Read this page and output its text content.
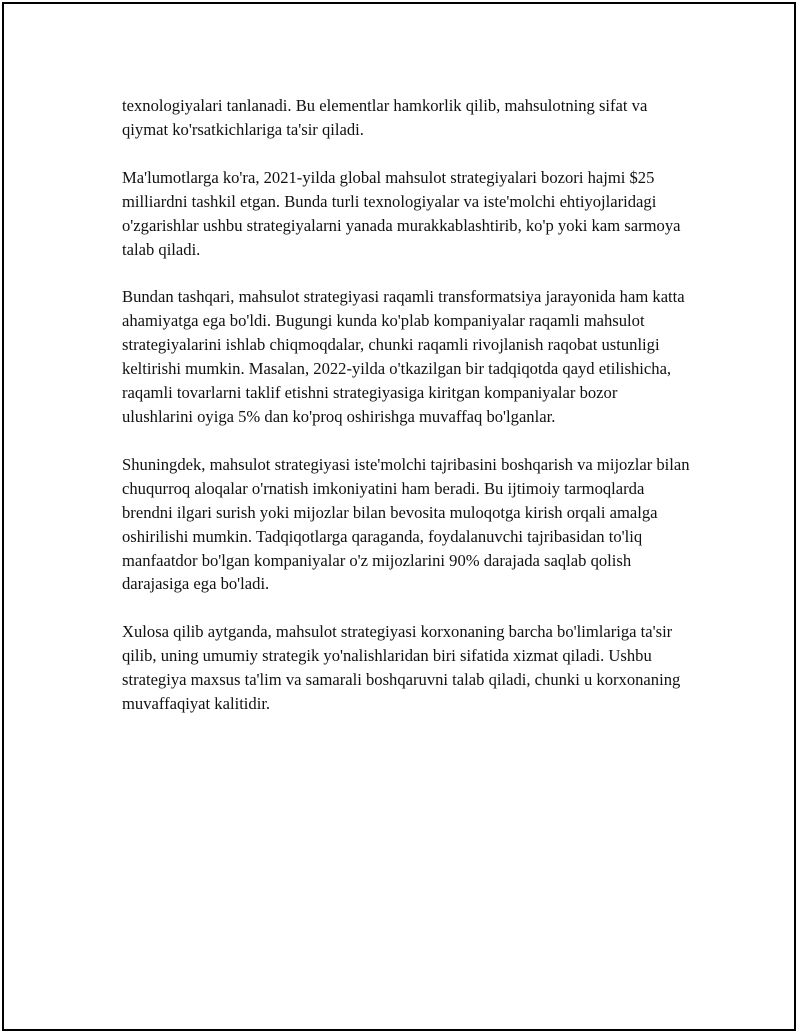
texnologiyalari tanlanadi. Bu elementlar hamkorlik qilib, mahsulotning sifat va qiymat ko'rsatkichlariga ta'sir qiladi.

Ma'lumotlarga ko'ra, 2021-yilda global mahsulot strategiyalari bozori hajmi $25 milliardni tashkil etgan. Bunda turli texnologiyalar va iste'molchi ehtiyojlaridagi o'zgarishlar ushbu strategiyalarni yanada murakkablashtirib, ko'p yoki kam sarmoya talab qiladi.

Bundan tashqari, mahsulot strategiyasi raqamli transformatsiya jarayonida ham katta ahamiyatga ega bo'ldi. Bugungi kunda ko'plab kompaniyalar raqamli mahsulot strategiyalarini ishlab chiqmoqdalar, chunki raqamli rivojlanish raqobat ustunligi keltirishi mumkin. Masalan, 2022-yilda o'tkazilgan bir tadqiqotda qayd etilishicha, raqamli tovarlarni taklif etishni strategiyasiga kiritgan kompaniyalar bozor ulushlarini oyiga 5% dan ko'proq oshirishga muvaffaq bo'lganlar.

Shuningdek, mahsulot strategiyasi iste'molchi tajribasini boshqarish va mijozlar bilan chuqurroq aloqalar o'rnatish imkoniyatini ham beradi. Bu ijtimoiy tarmoqlarda brendni ilgari surish yoki mijozlar bilan bevosita muloqotga kirish orqali amalga oshirilishi mumkin. Tadqiqotlarga qaraganda, foydalanuvchi tajribasidan to'liq manfaatdor bo'lgan kompaniyalar o'z mijozlarini 90% darajada saqlab qolish darajasiga ega bo'ladi.

Xulosa qilib aytganda, mahsulot strategiyasi korxonaning barcha bo'limlariga ta'sir qilib, uning umumiy strategik yo'nalishlaridan biri sifatida xizmat qiladi. Ushbu strategiya maxsus ta'lim va samarali boshqaruvni talab qiladi, chunki u korxonaning muvaffaqiyat kalitidir.
